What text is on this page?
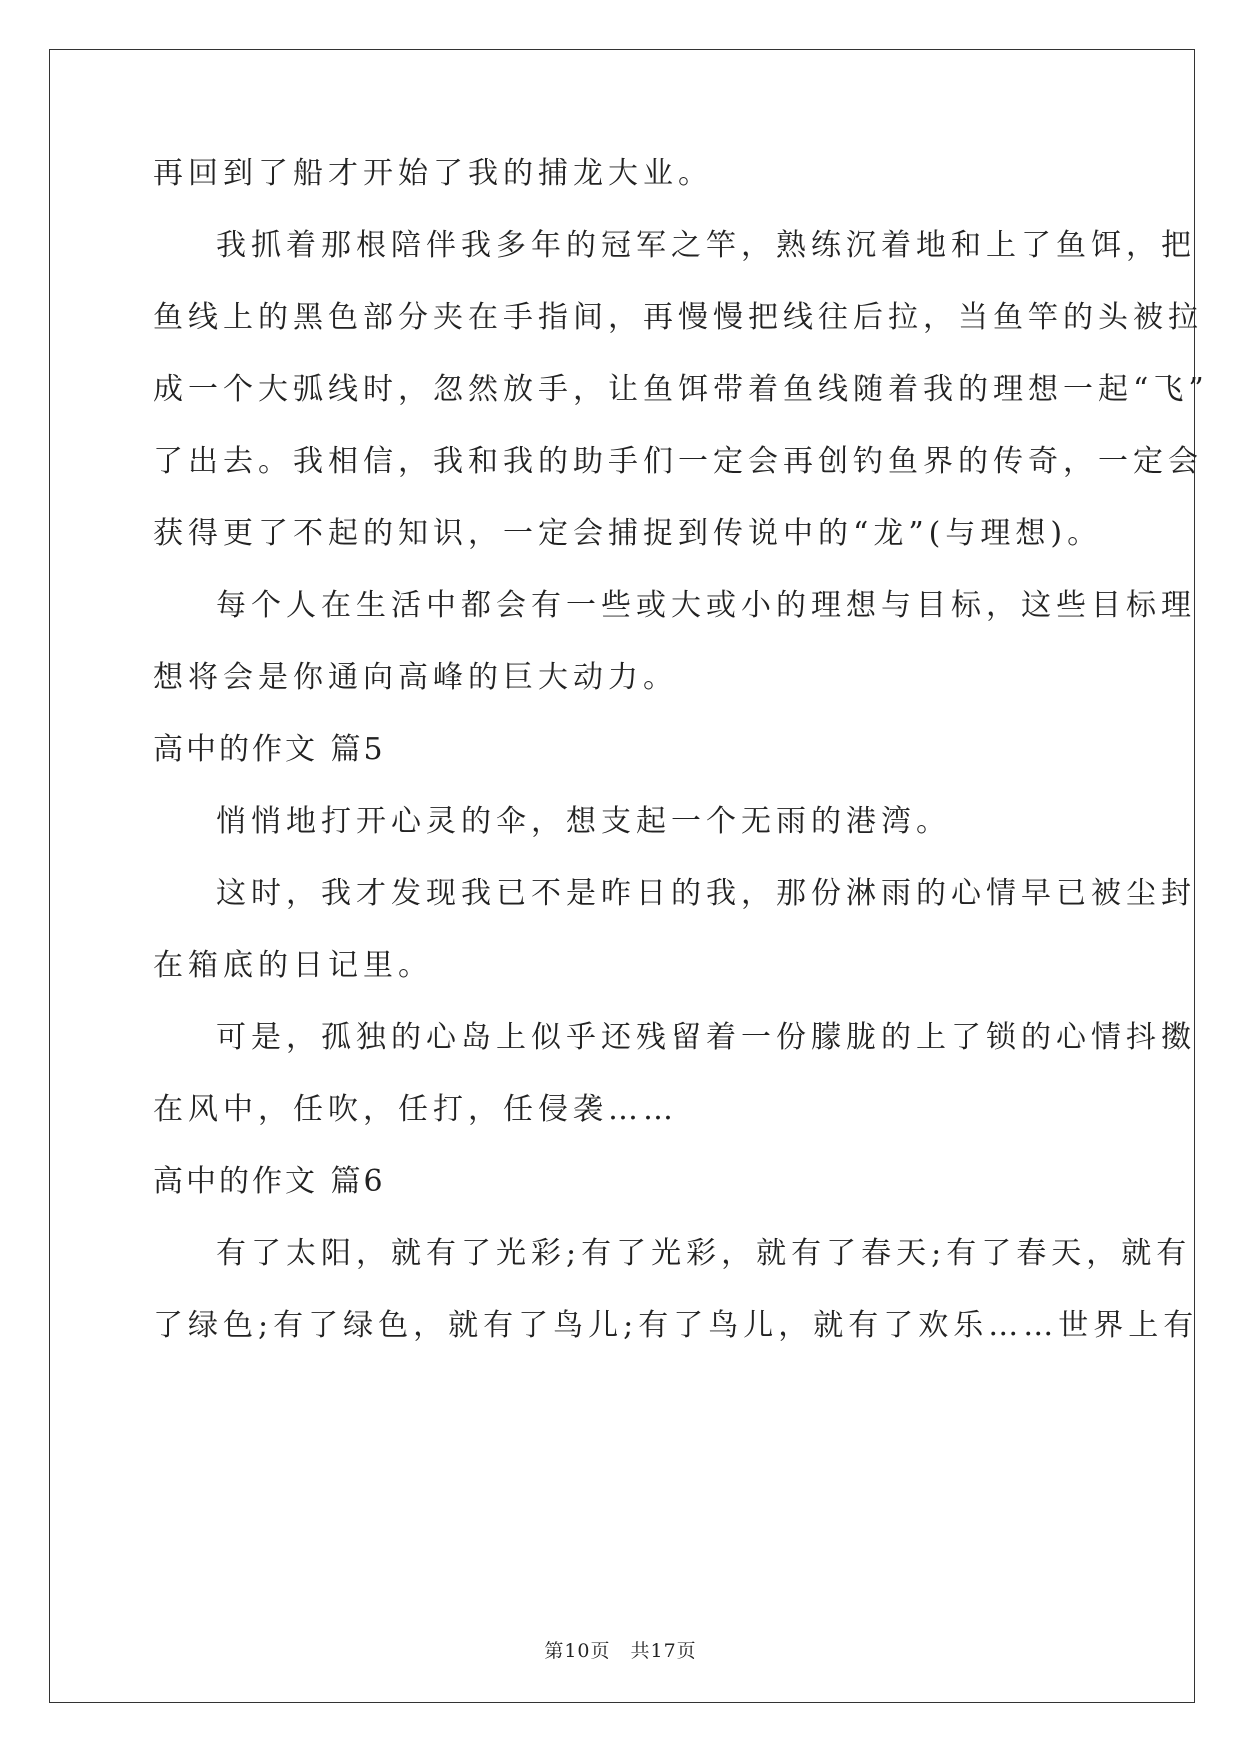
再回到了船才开始了我的捕龙大业。
我抓着那根陪伴我多年的冠军之竿，熟练沉着地和上了鱼饵，把
鱼线上的黑色部分夹在手指间，再慢慢把线往后拉，当鱼竿的头被拉
成一个大弧线时，忽然放手，让鱼饵带着鱼线随着我的理想一起“飞”
了出去。我相信，我和我的助手们一定会再创钓鱼界的传奇，一定会
获得更了不起的知识，一定会捕捉到传说中的“龙”(与理想)。
每个人在生活中都会有一些或大或小的理想与目标，这些目标理
想将会是你通向高峰的巨大动力。
高中的作文 篇5
悄悄地打开心灵的伞，想支起一个无雨的港湾。
这时，我才发现我已不是昨日的我，那份淋雨的心情早已被尘封
在箱底的日记里。
可是，孤独的心岛上似乎还残留着一份朦胧的上了锁的心情抖擞
在风中，任吹，任打，任侵袭……
高中的作文 篇6
有了太阳，就有了光彩;有了光彩，就有了春天;有了春天，就有
了绿色;有了绿色，就有了鸟儿;有了鸟儿，就有了欢乐……世界上有
第10页　共17页
